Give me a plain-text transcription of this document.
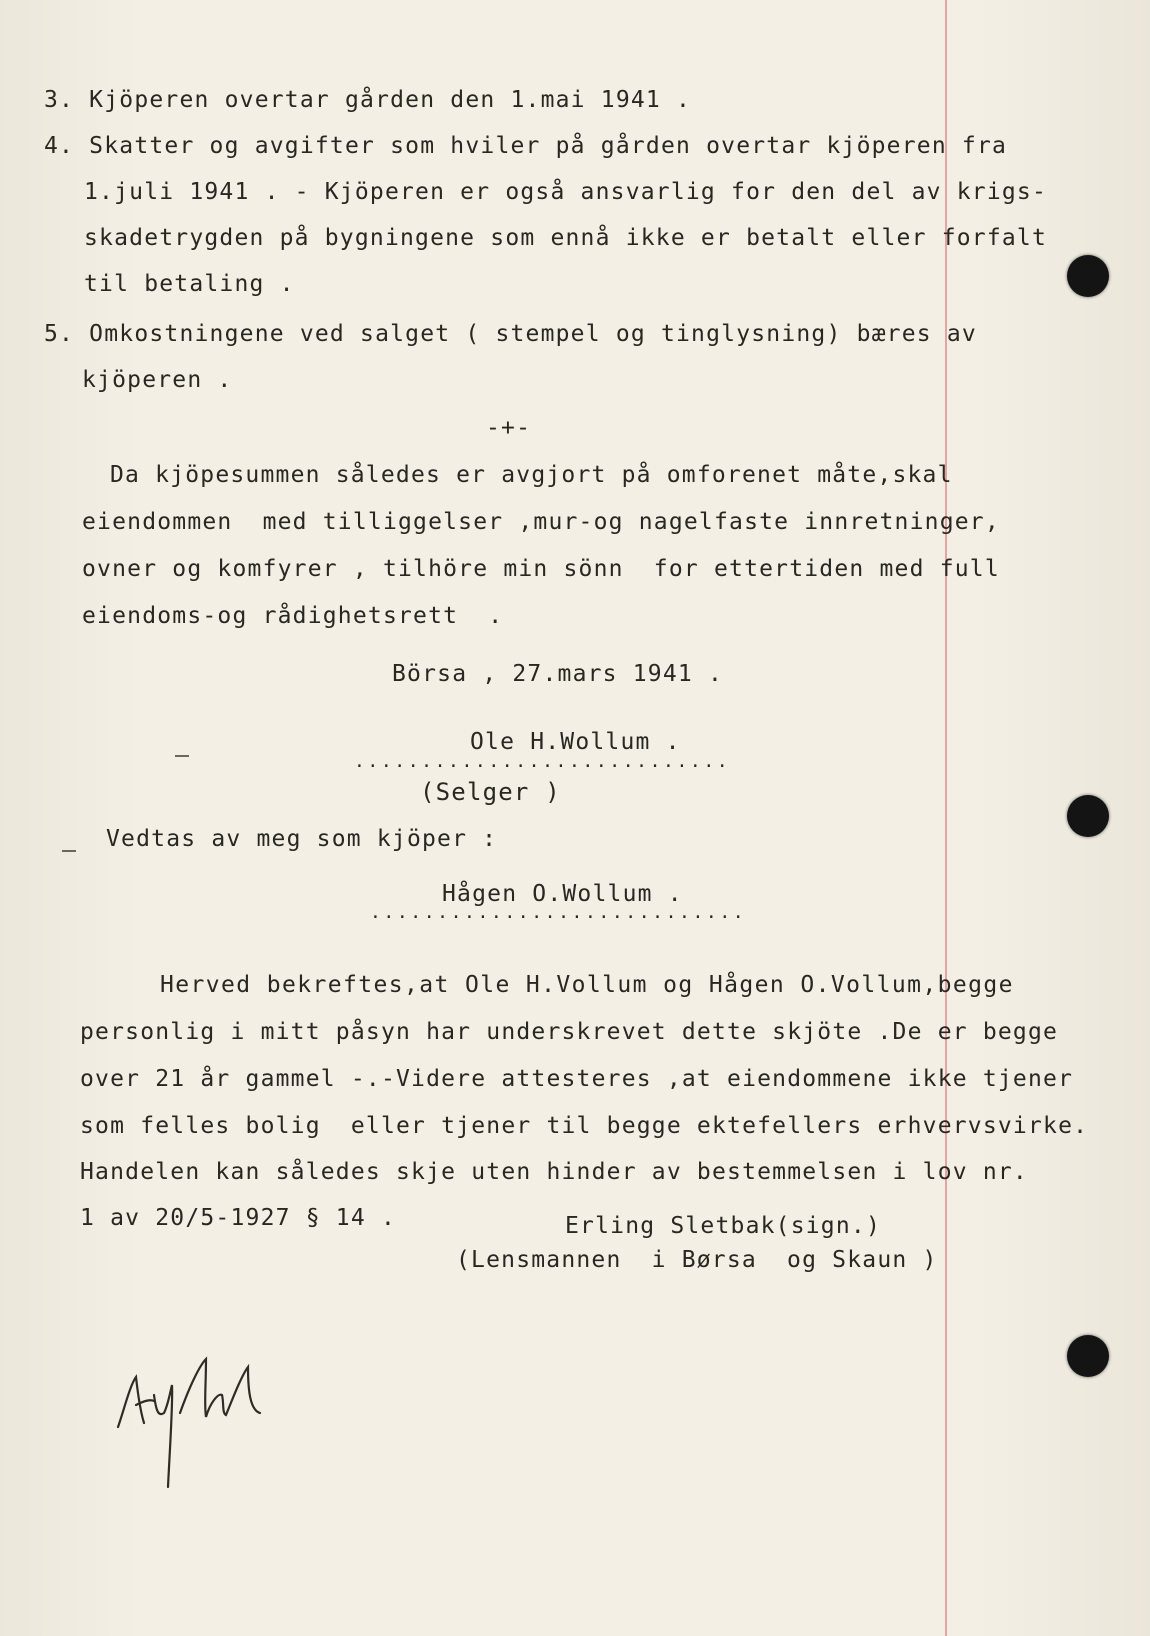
3. Kjöperen overtar gården den 1.mai 1941 .
4. Skatter og avgifter som hviler på gården overtar kjöperen fra
1.juli 1941 . - Kjöperen er også ansvarlig for den del av krigs-
skadetrygden på bygningene som ennå ikke er betalt eller forfalt
til betaling .
5. Omkostningene ved salget ( stempel og tinglysning) bæres av
kjöperen .
-+-
Da kjöpesummen således er avgjort på omforenet måte,skal
eiendommen  med tilliggelser ,mur-og nagelfaste innretninger,
ovner og komfyrer , tilhöre min sönn  for ettertiden med full
eiendoms-og rådighetsrett  .
Börsa , 27.mars 1941 .
Ole H.Wollum .
............................
(Selger )
Vedtas av meg som kjöper :
Hågen O.Wollum .
............................
Herved bekreftes,at Ole H.Vollum og Hågen O.Vollum,begge
personlig i mitt påsyn har underskrevet dette skjöte .De er begge
over 21 år gammel -.-Videre attesteres ,at eiendommene ikke tjener
som felles bolig  eller tjener til begge ektefellers erhvervsvirke.
Handelen kan således skje uten hinder av bestemmelsen i lov nr.
1 av 20/5-1927 § 14 .	Erling Sletbak(sign.)
(Lensmannen  i Børsa  og Skaun )
